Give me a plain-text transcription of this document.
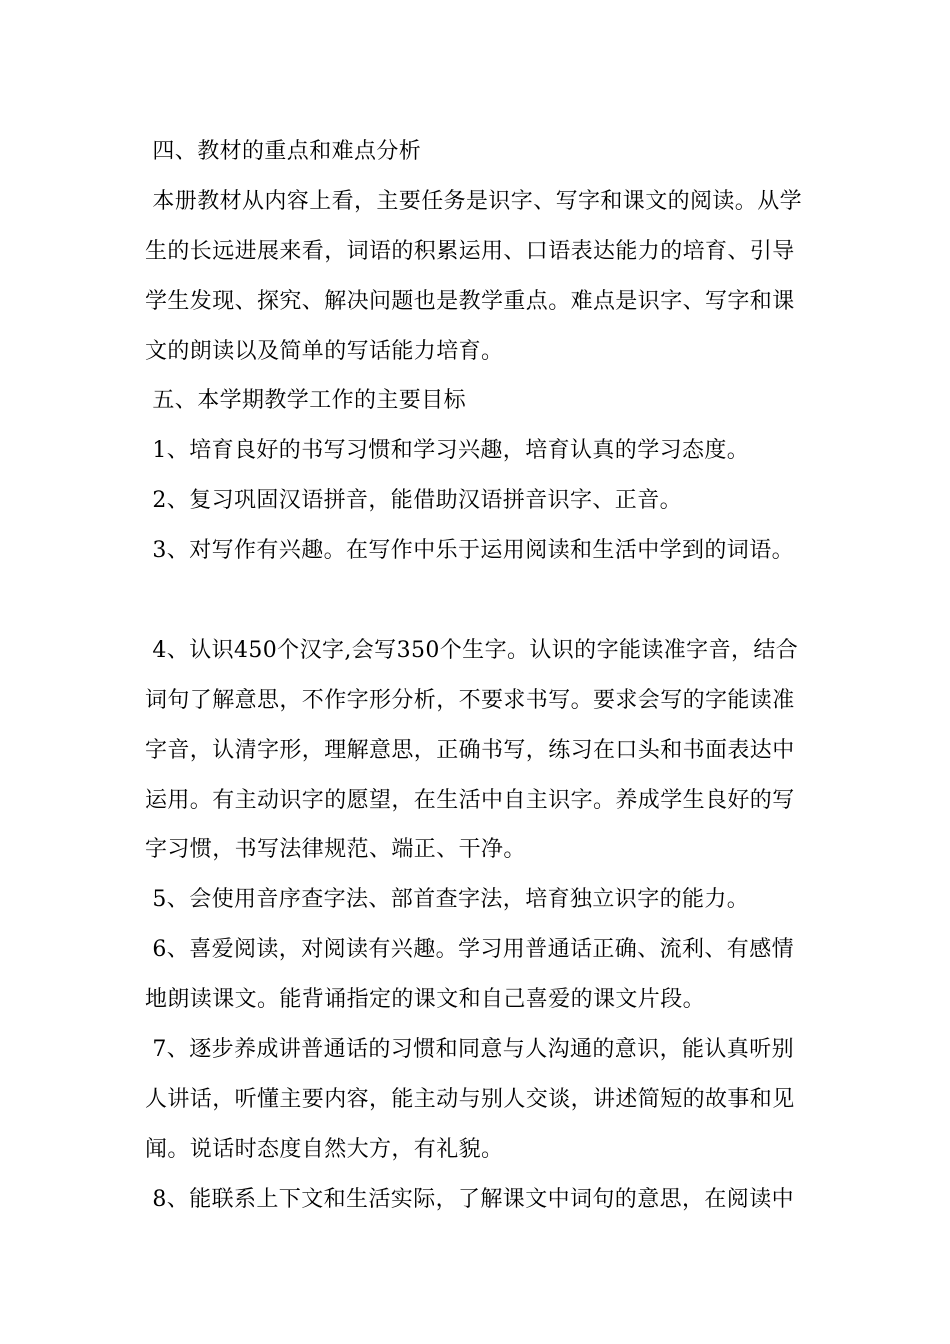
四、教材的重点和难点分析
本册教材从内容上看，主要任务是识字、写字和课文的阅读。从学
生的长远进展来看，词语的积累运用、口语表达能力的培育、引导
学生发现、探究、解决问题也是教学重点。难点是识字、写字和课
文的朗读以及简单的写话能力培育。
五、本学期教学工作的主要目标
1、培育良好的书写习惯和学习兴趣，培育认真的学习态度。
2、复习巩固汉语拼音，能借助汉语拼音识字、正音。
3、对写作有兴趣。在写作中乐于运用阅读和生活中学到的词语。
4、认识450个汉字,会写350个生字。认识的字能读准字音，结合
词句了解意思，不作字形分析，不要求书写。要求会写的字能读准
字音，认清字形，理解意思，正确书写，练习在口头和书面表达中
运用。有主动识字的愿望，在生活中自主识字。养成学生良好的写
字习惯，书写法律规范、端正、干净。
5、会使用音序查字法、部首查字法，培育独立识字的能力。
6、喜爱阅读，对阅读有兴趣。学习用普通话正确、流利、有感情
地朗读课文。能背诵指定的课文和自己喜爱的课文片段。
7、逐步养成讲普通话的习惯和同意与人沟通的意识，能认真听别
人讲话，听懂主要内容，能主动与别人交谈，讲述简短的故事和见
闻。说话时态度自然大方，有礼貌。
8、能联系上下文和生活实际，了解课文中词句的意思，在阅读中
